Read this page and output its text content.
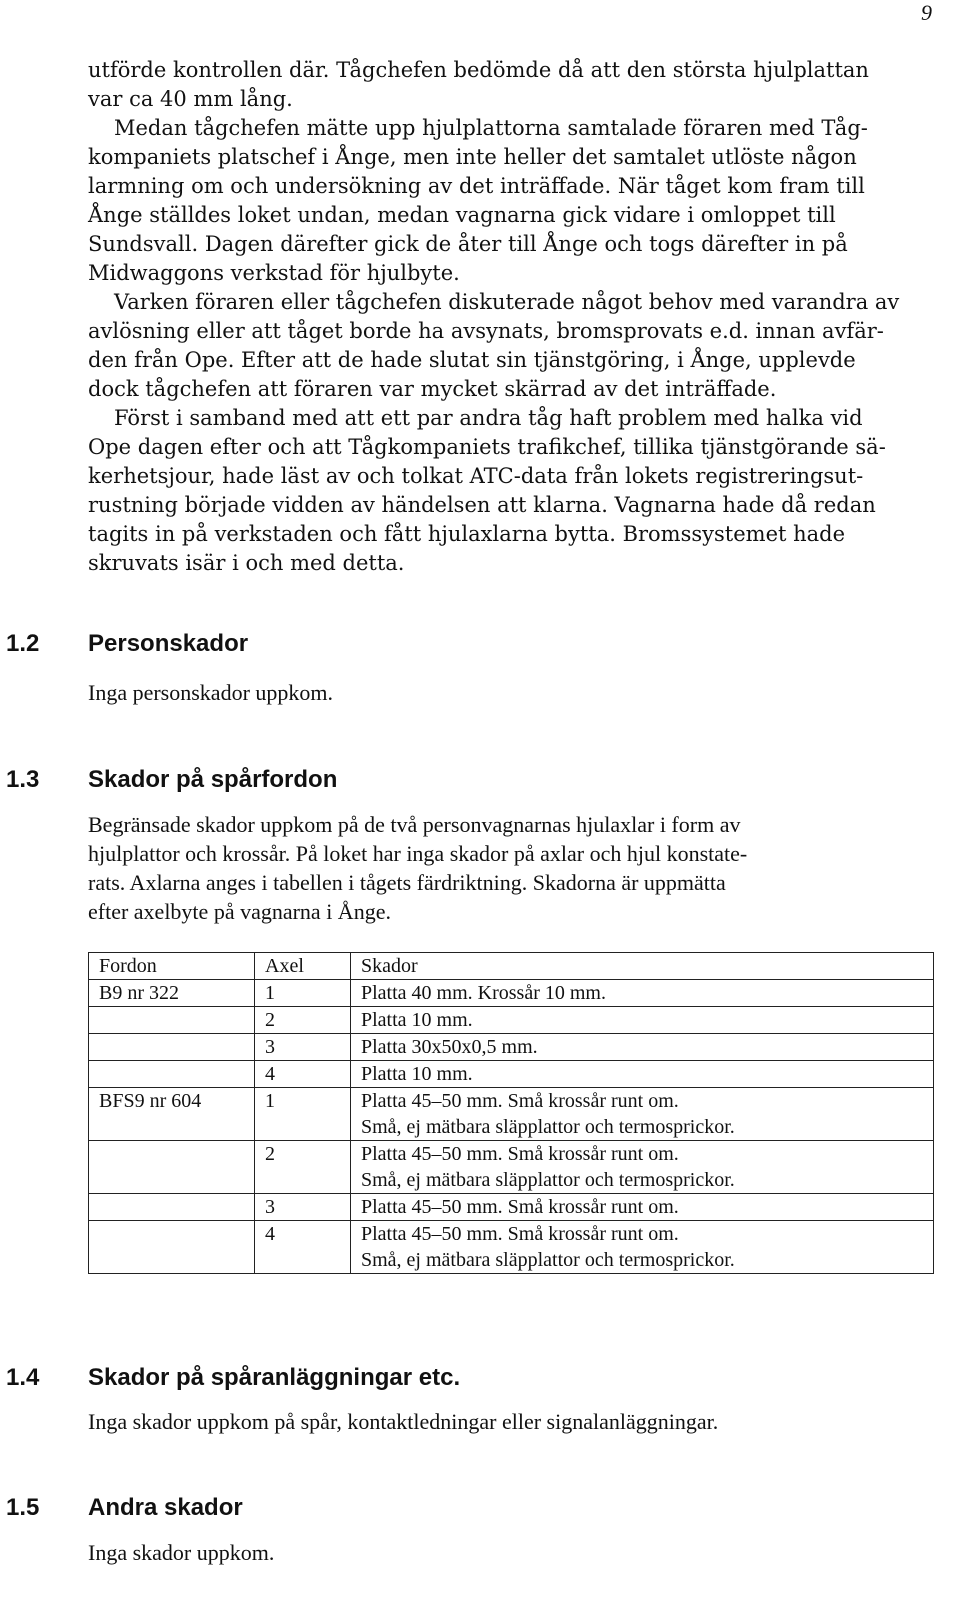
9
utförde kontrollen där. Tågchefen bedömde då att den största hjulplattan
var ca 40 mm lång.
Medan tågchefen mätte upp hjulplattorna samtalade föraren med Tåg-
kompaniets platschef i Ånge, men inte heller det samtalet utlöste någon
larmning om och undersökning av det inträffade. När tåget kom fram till
Ånge ställdes loket undan, medan vagnarna gick vidare i omloppet till
Sundsvall. Dagen därefter gick de åter till Ånge och togs därefter in på
Midwaggons verkstad för hjulbyte.
Varken föraren eller tågchefen diskuterade något behov med varandra av
avlösning eller att tåget borde ha avsynats, bromsprovats e.d. innan avfär-
den från Ope. Efter att de hade slutat sin tjänstgöring, i Ånge, upplevde
dock tågchefen att föraren var mycket skärrad av det inträffade.
Först i samband med att ett par andra tåg haft problem med halka vid
Ope dagen efter och att Tågkompaniets trafikchef, tillika tjänstgörande sä-
kerhetsjour, hade läst av och tolkat ATC-data från lokets registreringsut-
rustning började vidden av händelsen att klarna. Vagnarna hade då redan
tagits in på verkstaden och fått hjulaxlarna bytta. Bromssystemet hade
skruvats isär i och med detta.
1.2 Personskador
Inga personskador uppkom.
1.3 Skador på spårfordon
Begränsade skador uppkom på de två personvagnarnas hjulaxlar i form av
hjulplattor och krossår. På loket har inga skador på axlar och hjul konstate-
rats. Axlarna anges i tabellen i tågets färdriktning. Skadorna är uppmätta
efter axelbyte på vagnarna i Ånge.
Fordon	Axel	Skador
B9 nr 322	1	Platta 40 mm. Krossår 10 mm.

	2	Platta 10 mm.

	3	Platta 30x50x0,5 mm.

	4	Platta 10 mm.

BFS9 nr 604	1	Platta 45–50 mm. Små krossår runt om.
Små, ej mätbara släpplattor och termosprickor.

	2	Platta 45–50 mm. Små krossår runt om.
Små, ej mätbara släpplattor och termosprickor.

	3	Platta 45–50 mm. Små krossår runt om.

	4	Platta 45–50 mm. Små krossår runt om.
Små, ej mätbara släpplattor och termosprickor.
1.4 Skador på spåranläggningar etc.
Inga skador uppkom på spår, kontaktledningar eller signalanläggningar.
1.5 Andra skador
Inga skador uppkom.
